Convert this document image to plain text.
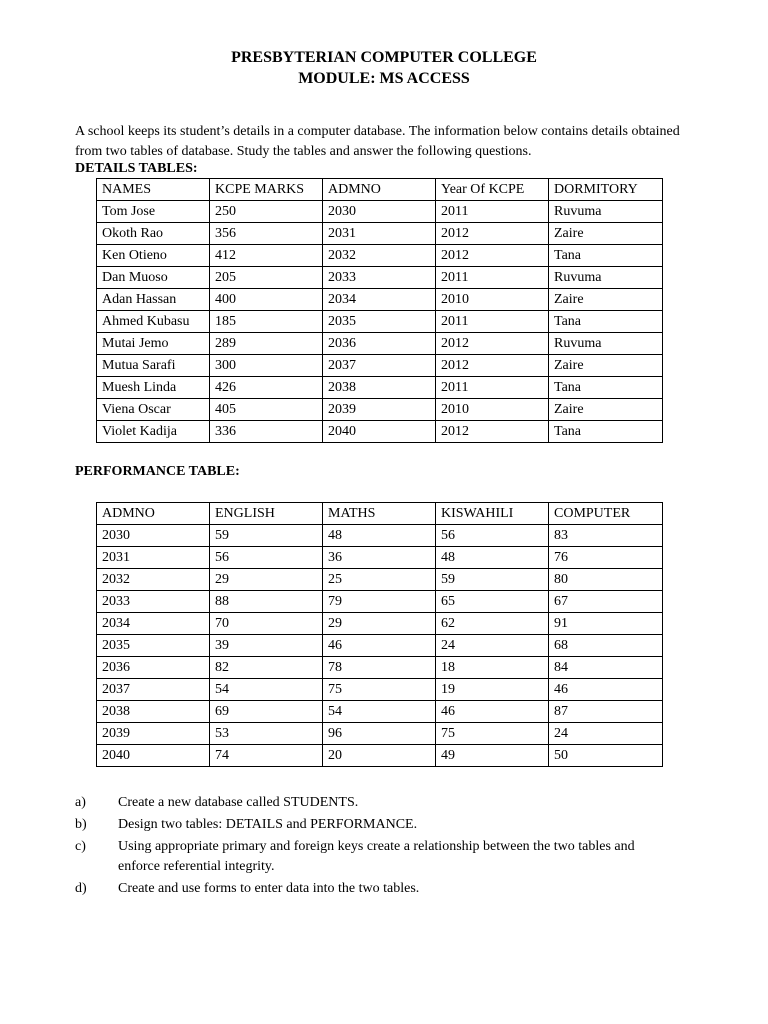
PRESBYTERIAN COMPUTER COLLEGE
MODULE: MS ACCESS
A school keeps its student’s details in a computer database. The information below contains details obtained from two tables of database. Study the tables and answer the following questions.
DETAILS TABLES:
NAMES	KCPE MARKS	ADMNO	Year Of KCPE	DORMITORY
Tom Jose	250	2030	2011	Ruvuma
Okoth Rao	356	2031	2012	Zaire
Ken Otieno	412	2032	2012	Tana
Dan Muoso	205	2033	2011	Ruvuma
Adan Hassan	400	2034	2010	Zaire
Ahmed Kubasu	185	2035	2011	Tana
Mutai Jemo	289	2036	2012	Ruvuma
Mutua Sarafi	300	2037	2012	Zaire
Muesh Linda	426	2038	2011	Tana
Viena Oscar	405	2039	2010	Zaire
Violet Kadija	336	2040	2012	Tana
PERFORMANCE TABLE:
ADMNO	ENGLISH	MATHS	KISWAHILI	COMPUTER
2030	59	48	56	83
2031	56	36	48	76
2032	29	25	59	80
2033	88	79	65	67
2034	70	29	62	91
2035	39	46	24	68
2036	82	78	18	84
2037	54	75	19	46
2038	69	54	46	87
2039	53	96	75	24
2040	74	20	49	50
a)	Create a new database called STUDENTS.
b)	Design two tables: DETAILS and PERFORMANCE.
c)	Using appropriate primary and foreign keys create a relationship between the two tables and enforce referential integrity.
d)	Create and use forms to enter data into the two tables.
